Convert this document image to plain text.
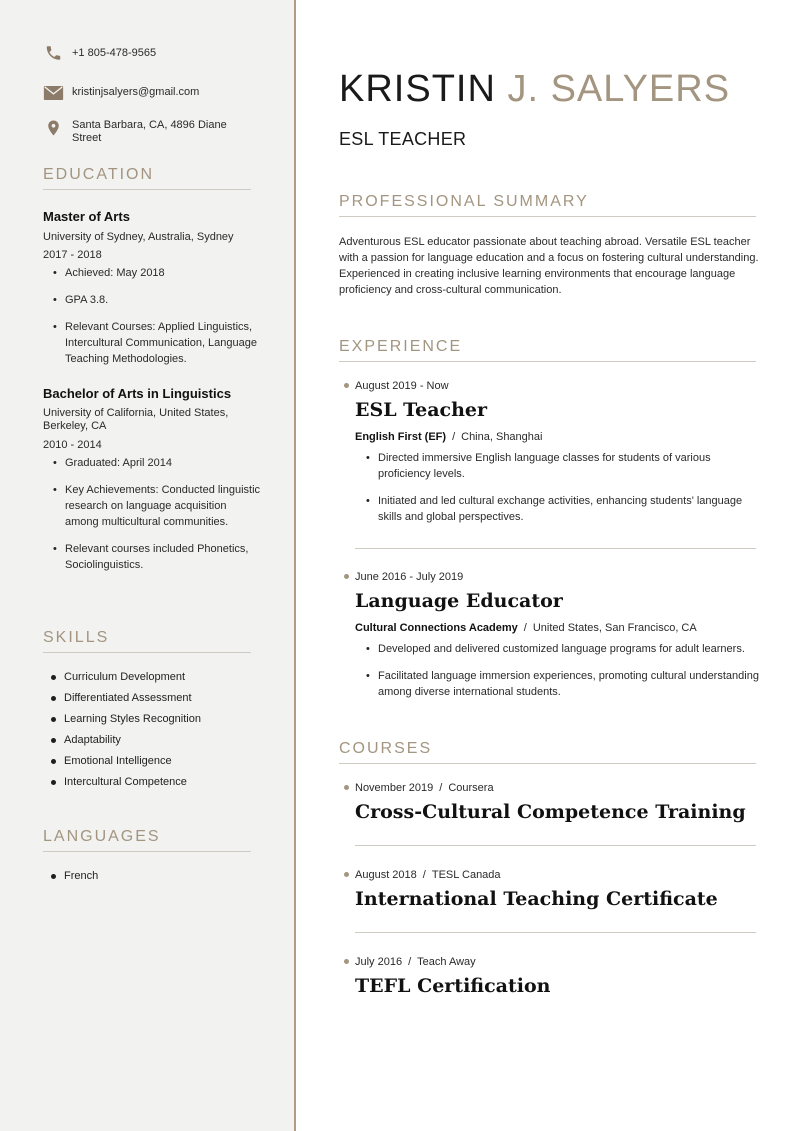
+1 805-478-9565
kristinjsalyers@gmail.com
Santa Barbara, CA, 4896 Diane Street
EDUCATION
Master of Arts
University of Sydney, Australia, Sydney
2017 - 2018
• Achieved: May 2018
• GPA 3.8.
• Relevant Courses: Applied Linguistics, Intercultural Communication, Language Teaching Methodologies.
Bachelor of Arts in Linguistics
University of California, United States, Berkeley, CA
2010 - 2014
• Graduated: April 2014
• Key Achievements: Conducted linguistic research on language acquisition among multicultural communities.
• Relevant courses included Phonetics, Sociolinguistics.
SKILLS
Curriculum Development
Differentiated Assessment
Learning Styles Recognition
Adaptability
Emotional Intelligence
Intercultural Competence
LANGUAGES
French
KRISTIN J. SALYERS
ESL TEACHER
PROFESSIONAL SUMMARY
Adventurous ESL educator passionate about teaching abroad. Versatile ESL teacher with a passion for language education and a focus on fostering cultural understanding. Experienced in creating inclusive learning environments that encourage language proficiency and cross-cultural communication.
EXPERIENCE
August 2019 - Now
ESL Teacher
English First (EF) / China, Shanghai
• Directed immersive English language classes for students of various proficiency levels.
• Initiated and led cultural exchange activities, enhancing students' language skills and global perspectives.
June 2016 - July 2019
Language Educator
Cultural Connections Academy / United States, San Francisco, CA
• Developed and delivered customized language programs for adult learners.
• Facilitated language immersion experiences, promoting cultural understanding among diverse international students.
COURSES
November 2019 / Coursera
Cross-Cultural Competence Training
August 2018 / TESL Canada
International Teaching Certificate
July 2016 / Teach Away
TEFL Certification
